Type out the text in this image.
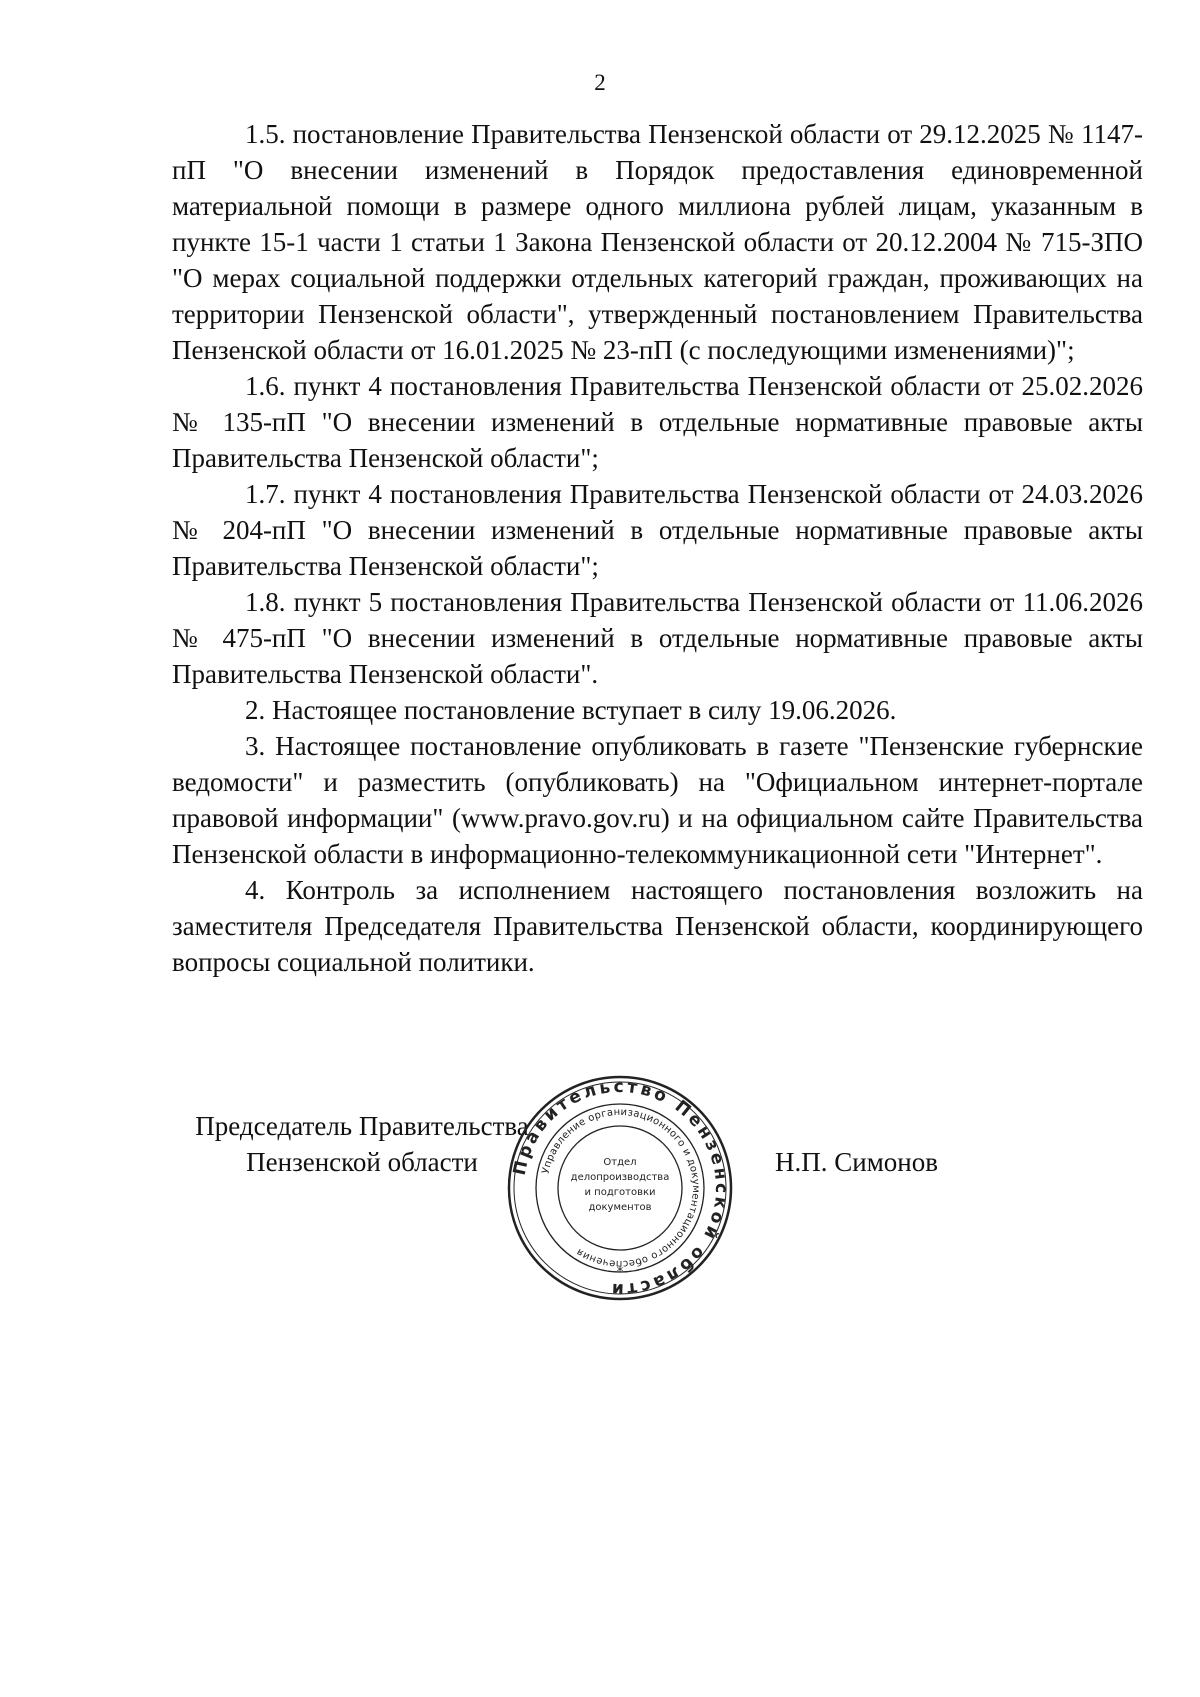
2

1.5. постановление Правительства Пензенской области от 29.12.2025 № 1147-пП "О внесении изменений в Порядок предоставления единовременной материальной помощи в размере одного миллиона рублей лицам, указанным в пункте 15-1 части 1 статьи 1 Закона Пензенской области от 20.12.2004 № 715-ЗПО "О мерах социальной поддержки отдельных категорий граждан, проживающих на территории Пензенской области", утвержденный постановлением Правительства Пензенской области от 16.01.2025 № 23-пП (с последующими изменениями)";

1.6. пункт 4 постановления Правительства Пензенской области от 25.02.2026 № 135-пП "О внесении изменений в отдельные нормативные правовые акты Правительства Пензенской области";

1.7. пункт 4 постановления Правительства Пензенской области от 24.03.2026 № 204-пП "О внесении изменений в отдельные нормативные правовые акты Правительства Пензенской области";

1.8. пункт 5 постановления Правительства Пензенской области от 11.06.2026 № 475-пП "О внесении изменений в отдельные нормативные правовые акты Правительства Пензенской области".

2. Настоящее постановление вступает в силу 19.06.2026.

3. Настоящее постановление опубликовать в газете "Пензенские губернские ведомости" и разместить (опубликовать) на "Официальном интернет-портале правовой информации" (www.pravo.gov.ru) и на официальном сайте Правительства Пензенской области в информационно-телекоммуникационной сети "Интернет".

4. Контроль за исполнением настоящего постановления возложить на заместителя Председателя Правительства Пензенской области, координирующего вопросы социальной политики.

Председатель Правительства
Пензенской области	Правительство Пензенской области
Управление организационного и документационного обеспечения
Отдел
делопроизводства
и подготовки
документов
*
Н.П. Симонов
